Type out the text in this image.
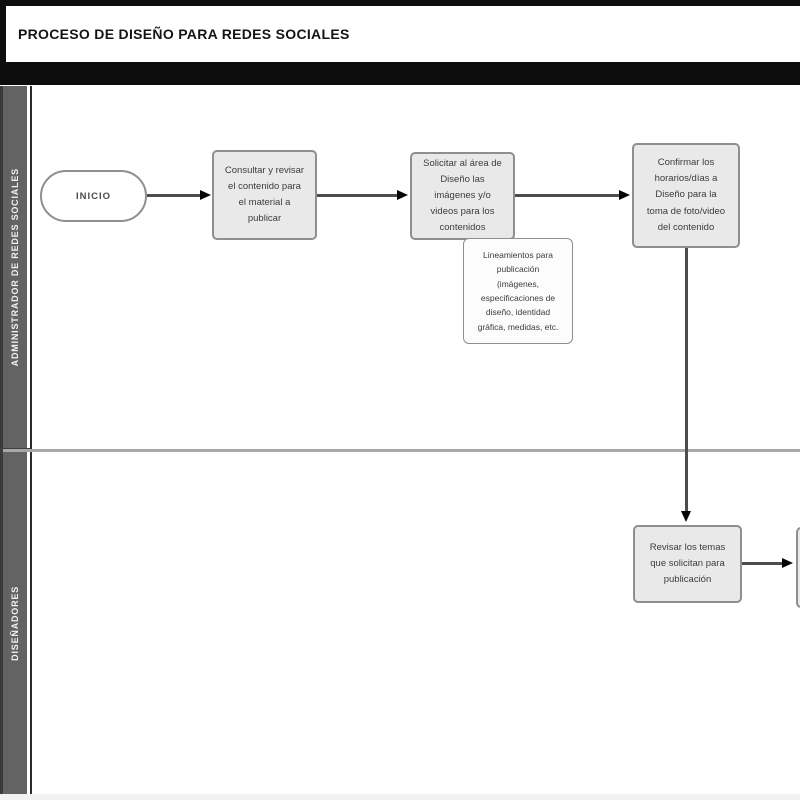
PROCESO DE DISEÑO PARA REDES SOCIALES
ADMINISTRADOR DE REDES SOCIALES
DISEÑADORES
INICIO
Consultar y revisar el contenido para el material a publicar
Solicitar al área de Diseño las imágenes y/o videos para los contenidos
Confirmar los horarios/días a Diseño para la toma de foto/video del contenido
Lineamientos para publicación (imágenes, especificaciones de diseño, identidad gráfica, medidas, etc.
Revisar los temas que solicitan para publicación
